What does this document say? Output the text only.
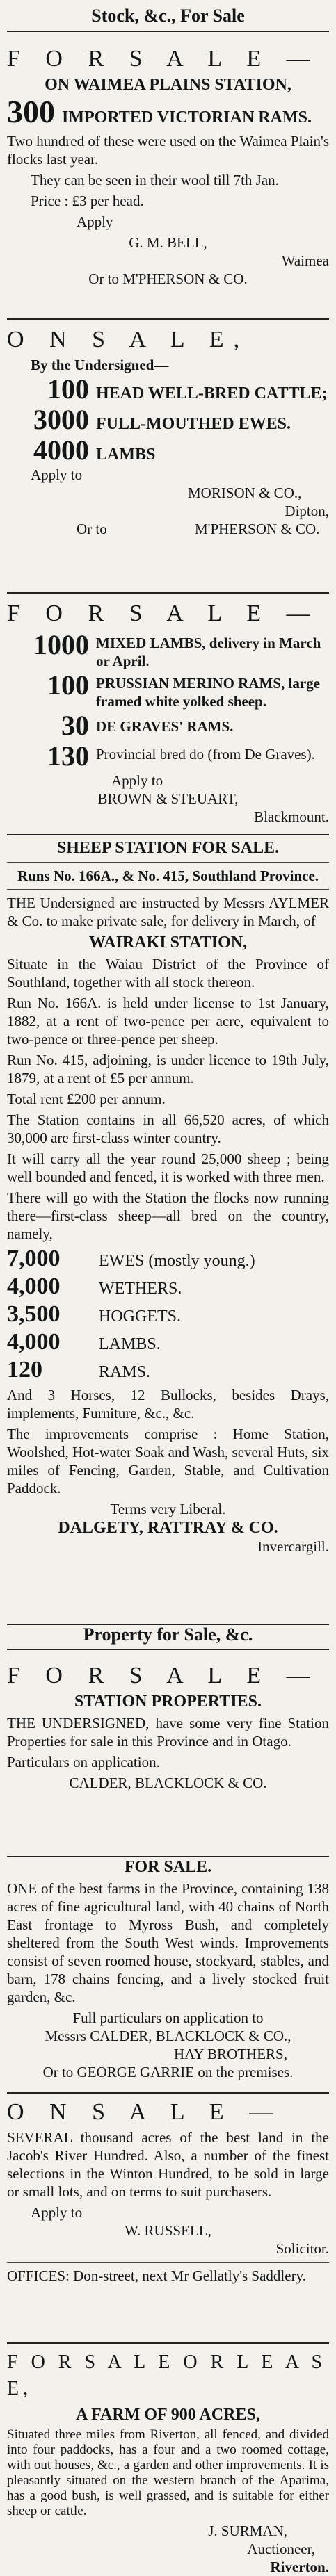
Stock, &c., For Sale
F O R S A L E —
ON WAIMEA PLAINS STATION,
300 IMPORTED VICTORIAN RAMS.
Two hundred of these were used on the Waimea Plain's flocks last year.
They can be seen in their wool till 7th Jan.
Price : £3 per head.
Apply
G. M. BELL,
Waimea
Or to M'PHERSON & CO.
O N S A L E,
By the Undersigned—
100 HEAD WELL-BRED CATTLE;
3000 FULL-MOUTHED EWES.
4000 LAMBS
Apply to
MORISON & CO.,
Dipton,
Or to	M'PHERSON & CO.
F O R S A L E —
1000 MIXED LAMBS, delivery in March or April.
100 PRUSSIAN MERINO RAMS, large framed white yolked sheep.
30 DE GRAVES' RAMS.
130 Provincial bred do (from De Graves).
Apply to
BROWN & STEUART,
Blackmount.
SHEEP STATION FOR SALE.
Runs No. 166A., & No. 415, Southland Province.
THE Undersigned are instructed by Messrs AYLMER & Co. to make private sale, for delivery in March, of
WAIRAKI STATION,
Situate in the Waiau District of the Province of Southland, together with all stock thereon.
Run No. 166A. is held under license to 1st January, 1882, at a rent of two-pence per acre, equivalent to two-pence or three-pence per sheep.
Run No. 415, adjoining, is under licence to 19th July, 1879, at a rent of £5 per annum.
Total rent £200 per annum.
The Station contains in all 66,520 acres, of which 30,000 are first-class winter country.
It will carry all the year round 25,000 sheep ; being well bounded and fenced, it is worked with three men.
There will go with the Station the flocks now running there—first-class sheep—all bred on the country, namely,
7,000	EWES (mostly young.)
4,000	WETHERS.
3,500	HOGGETS.
4,000	LAMBS.
120	RAMS.
And 3 Horses, 12 Bullocks, besides Drays, implements, Furniture, &c., &c.
The improvements comprise : Home Station, Woolshed, Hot-water Soak and Wash, several Huts, six miles of Fencing, Garden, Stable, and Cultivation Paddock.
Terms very Liberal.
DALGETY, RATTRAY & CO.
Invercargill.
Property for Sale, &c.
F O R S A L E —
STATION PROPERTIES.
THE UNDERSIGNED, have some very fine Station Properties for sale in this Province and in Otago.
Particulars on application.
CALDER, BLACKLOCK & CO.
FOR SALE.
ONE of the best farms in the Province, containing 138 acres of fine agricultural land, with 40 chains of North East frontage to Myross Bush, and completely sheltered from the South West winds. Improvements consist of seven roomed house, stockyard, stables, and barn, 178 chains fencing, and a lively stocked fruit garden, &c.
Full particulars on application to
Messrs CALDER, BLACKLOCK & CO.,
HAY BROTHERS,
Or to GEORGE GARRIE on the premises.
O N S A L E —
SEVERAL thousand acres of the best land in the Jacob's River Hundred. Also, a number of the finest selections in the Winton Hundred, to be sold in large or small lots, and on terms to suit purchasers.
Apply to
W. RUSSELL,
Solicitor.
OFFICES: Don-street, next Mr Gellatly's Saddlery.
F O R S A L E O R L E A S E,
A FARM OF 900 ACRES,
Situated three miles from Riverton, all fenced, and divided into four paddocks, has a four and a two roomed cottage, with out houses, &c., a garden and other improvements. It is pleasantly situated on the western branch of the Aparima, has a good bush, is well grassed, and is suitable for either sheep or cattle.
J. SURMAN,
Auctioneer,
Riverton.
